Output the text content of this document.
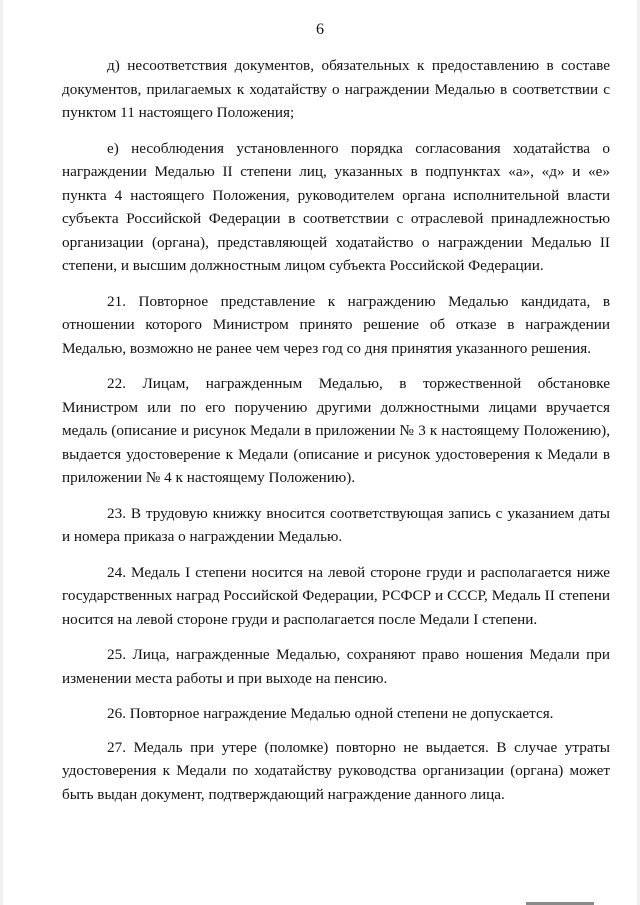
6

д) несоответствия документов, обязательных к предоставлению в составе документов, прилагаемых к ходатайству о награждении Медалью в соответствии с пунктом 11 настоящего Положения;

е) несоблюдения установленного порядка согласования ходатайства о награждении Медалью II степени лиц, указанных в подпунктах «а», «д» и «е» пункта 4 настоящего Положения, руководителем органа исполнительной власти субъекта Российской Федерации в соответствии с отраслевой принадлежностью организации (органа), представляющей ходатайство о награждении Медалью II степени, и высшим должностным лицом субъекта Российской Федерации.

21. Повторное представление к награждению Медалью кандидата, в отношении которого Министром принято решение об отказе в награждении Медалью, возможно не ранее чем через год со дня принятия указанного решения.

22. Лицам, награжденным Медалью, в торжественной обстановке Министром или по его поручению другими должностными лицами вручается медаль (описание и рисунок Медали в приложении № 3 к настоящему Положению), выдается удостоверение к Медали (описание и рисунок удостоверения к Медали в приложении № 4 к настоящему Положению).

23. В трудовую книжку вносится соответствующая запись с указанием даты и номера приказа о награждении Медалью.

24. Медаль I степени носится на левой стороне груди и располагается ниже государственных наград Российской Федерации, РСФСР и СССР, Медаль II степени носится на левой стороне груди и располагается после Медали I степени.

25. Лица, награжденные Медалью, сохраняют право ношения Медали при изменении места работы и при выходе на пенсию.

26. Повторное награждение Медалью одной степени не допускается.

27. Медаль при утере (поломке) повторно не выдается. В случае утраты удостоверения к Медали по ходатайству руководства организации (органа) может быть выдан документ, подтверждающий награждение данного лица.
